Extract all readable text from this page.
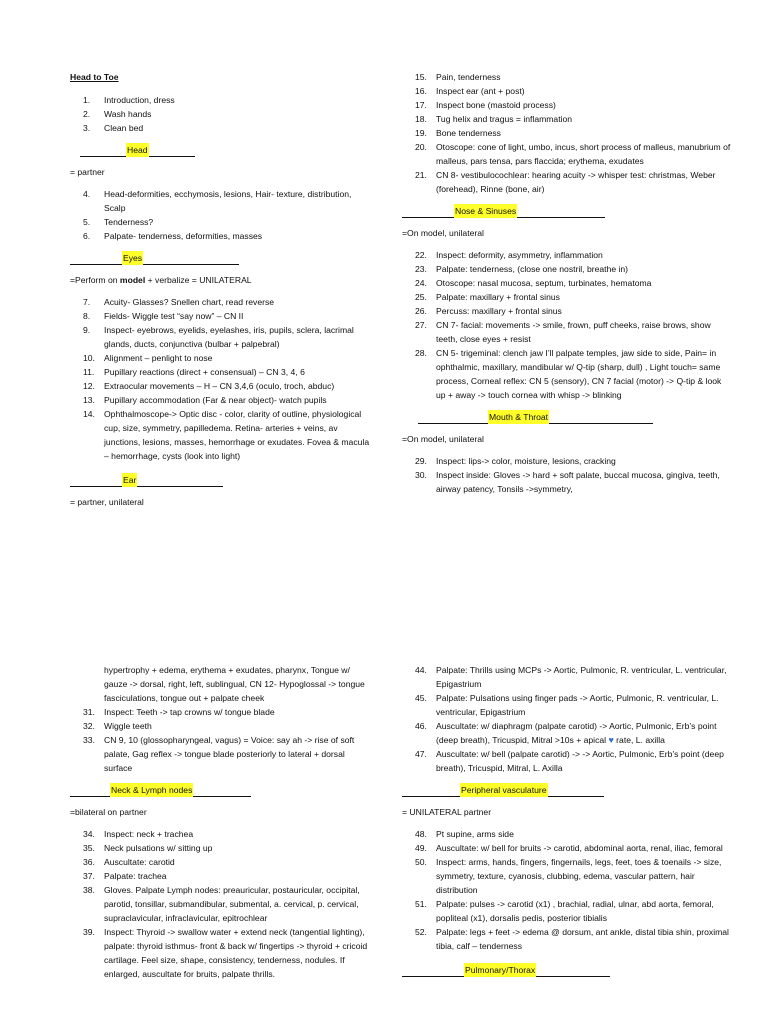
Head to Toe

1. Introduction, dress
2. Wash hands
3. Clean bed
Head

= partner

4. Head-deformities, ecchymosis, lesions, Hair- texture, distribution, Scalp
5. Tenderness?
6. Palpate- tenderness, deformities, masses
Eyes

=Perform on model + verbalize = UNILATERAL

7. Acuity- Glasses? Snellen chart, read reverse
8. Fields- Wiggle test “say now” – CN II
9. Inspect- eyebrows, eyelids, eyelashes, iris, pupils, sclera, lacrimal glands, ducts, conjunctiva (bulbar + palpebral)
10. Alignment – penlight to nose
11. Pupillary reactions (direct + consensual) – CN 3, 4, 6
12. Extraocular movements – H – CN 3,4,6 (oculo, troch, abduc)
13. Pupillary accommodation (Far & near object)- watch pupils
14. Ophthalmoscope-> Optic disc - color, clarity of outline, physiological cup, size, symmetry, papilledema. Retina- arteries + veins, av junctions, lesions, masses, hemorrhage or exudates. Fovea & macula – hemorrhage, cysts (look into light)
Ear

= partner, unilateral

15. Pain, tenderness
16. Inspect ear (ant + post)
17. Inspect bone (mastoid process)
18. Tug helix and tragus = inflammation
19. Bone tenderness
20. Otoscope: cone of light, umbo, incus, short process of malleus, manubrium of malleus, pars tensa, pars flaccida; erythema, exudates
21. CN 8- vestibulocochlear: hearing acuity -> whisper test: christmas, Weber (forehead), Rinne (bone, air)
Nose & Sinuses

=On model, unilateral

22. Inspect: deformity, asymmetry, inflammation
23. Palpate: tenderness, (close one nostril, breathe in)
24. Otoscope: nasal mucosa, septum, turbinates, hematoma
25. Palpate: maxillary + frontal sinus
26. Percuss: maxillary + frontal sinus
27. CN 7- facial: movements -> smile, frown, puff cheeks, raise brows, show teeth, close eyes + resist
28. CN 5- trigeminal: clench jaw I’ll palpate temples, jaw side to side, Pain= in ophthalmic, maxillary, mandibular w/ Q-tip (sharp, dull) , Light touch= same process, Corneal reflex: CN 5 (sensory), CN 7 facial (motor) -> Q-tip & look up + away -> touch cornea with whisp -> blinking
Mouth & Throat

=On model, unilateral

29. Inspect: lips-> color, moisture, lesions, cracking
30. Inspect inside: Gloves -> hard + soft palate, buccal mucosa, gingiva, teeth, airway patency, Tonsils ->symmetry,
hypertrophy + edema, erythema + exudates, pharynx, Tongue w/ gauze -> dorsal, right, left, sublingual, CN 12- Hypoglossal -> tongue fasciculations, tongue out + palpate cheek
31. Inspect: Teeth -> tap crowns w/ tongue blade
32. Wiggle teeth
33. CN 9, 10 (glossopharyngeal, vagus) = Voice: say ah -> rise of soft palate, Gag reflex -> tongue blade posteriorly to lateral + dorsal surface
Neck & Lymph nodes

=bilateral on partner

34. Inspect: neck + trachea
35. Neck pulsations w/ sitting up
36. Auscultate: carotid
37. Palpate: trachea
38. Gloves. Palpate Lymph nodes: preauricular, postauricular, occipital, parotid, tonsillar, submandibular, submental, a. cervical, p. cervical, supraclavicular, infraclavicular, epitrochlear
39. Inspect: Thyroid -> swallow water + extend neck (tangential lighting), palpate: thyroid isthmus- front & back w/ fingertips -> thyroid + cricoid cartilage. Feel size, shape, consistency, tenderness, nodules. If enlarged, auscultate for bruits, palpate thrills.
44. Palpate: Thrills using MCPs -> Aortic, Pulmonic, R. ventricular, L. ventricular, Epigastrium
45. Palpate: Pulsations using finger pads -> Aortic, Pulmonic, R. ventricular, L. ventricular, Epigastrium
46. Auscultate: w/ diaphragm (palpate carotid) -> Aortic, Pulmonic, Erb’s point (deep breath), Tricuspid, Mitral >10s + apical ♥ rate, L. axilla
47. Auscultate: w/ bell (palpate carotid) -> -> Aortic, Pulmonic, Erb’s point (deep breath), Tricuspid, Mitral, L. Axilla
Peripheral vasculature

= UNILATERAL partner

48. Pt supine, arms side
49. Auscultate: w/ bell for bruits -> carotid, abdominal aorta, renal, iliac, femoral
50. Inspect: arms, hands, fingers, fingernails, legs, feet, toes & toenails -> size, symmetry, texture, cyanosis, clubbing, edema, vascular pattern, hair distribution
51. Palpate: pulses -> carotid (x1) , brachial, radial, ulnar, abd aorta, femoral, popliteal (x1), dorsalis pedis, posterior tibialis
52. Palpate: legs + feet -> edema @ dorsum, ant ankle, distal tibia shin, proximal tibia, calf – tenderness
Pulmonary/Thorax
